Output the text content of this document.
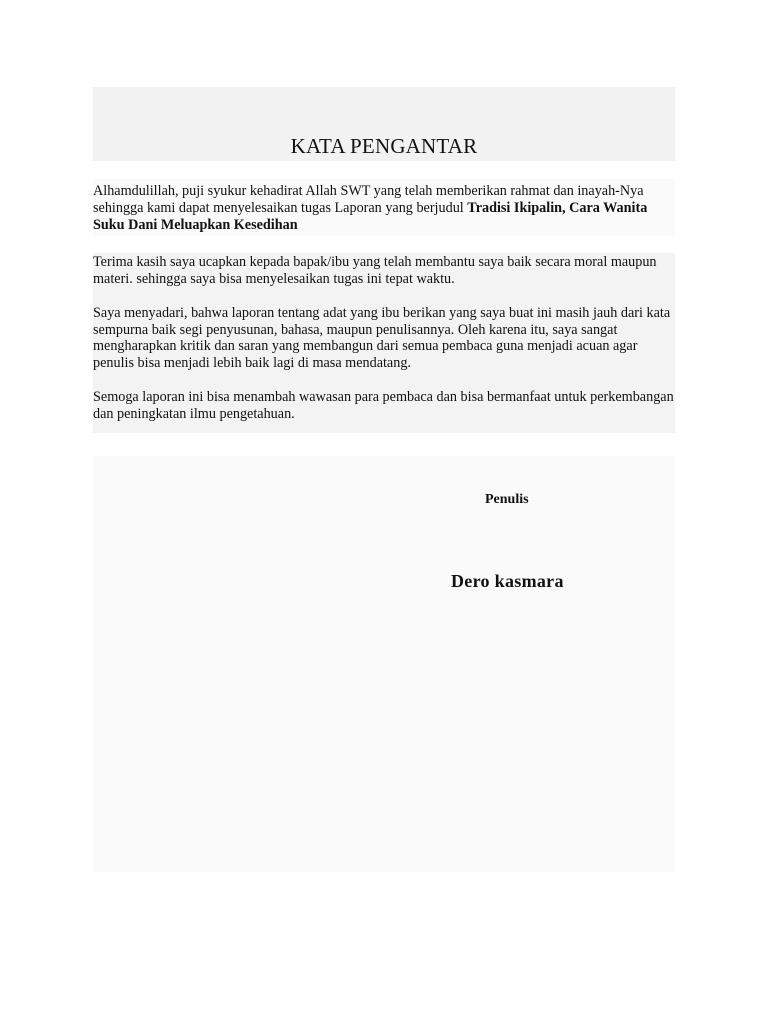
KATA PENGANTAR
Alhamdulillah, puji syukur kehadirat Allah SWT yang telah memberikan rahmat dan inayah-Nya sehingga kami dapat menyelesaikan tugas Laporan yang berjudul Tradisi Ikipalin, Cara Wanita Suku Dani Meluapkan Kesedihan

Terima kasih saya ucapkan kepada bapak/ibu yang telah membantu saya baik secara moral maupun materi. sehingga saya bisa menyelesaikan tugas ini tepat waktu.

Saya menyadari, bahwa laporan tentang adat yang ibu berikan yang saya buat ini masih jauh dari kata sempurna baik segi penyusunan, bahasa, maupun penulisannya. Oleh karena itu, saya sangat mengharapkan kritik dan saran yang membangun dari semua pembaca guna menjadi acuan agar penulis bisa menjadi lebih baik lagi di masa mendatang.

Semoga laporan ini bisa menambah wawasan para pembaca dan bisa bermanfaat untuk perkembangan dan peningkatan ilmu pengetahuan.

Penulis

Dero kasmara
